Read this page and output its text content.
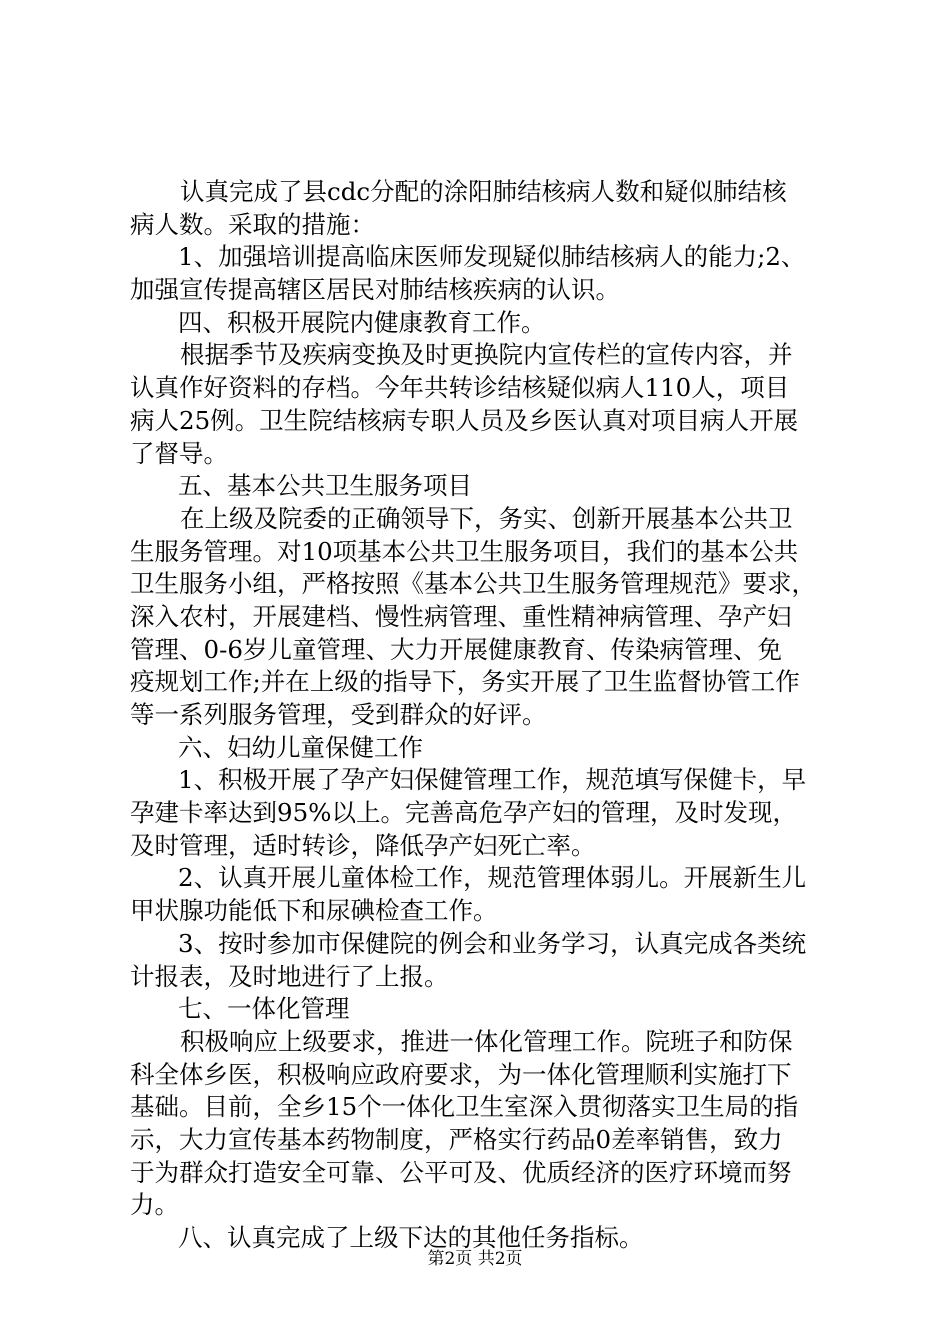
认真完成了县cdc分配的涂阳肺结核病人数和疑似肺结核
病人数。采取的措施：
1、加强培训提高临床医师发现疑似肺结核病人的能力;2、
加强宣传提高辖区居民对肺结核疾病的认识。
四、积极开展院内健康教育工作。
根据季节及疾病变换及时更换院内宣传栏的宣传内容，并
认真作好资料的存档。今年共转诊结核疑似病人110人，项目
病人25例。卫生院结核病专职人员及乡医认真对项目病人开展
了督导。
五、基本公共卫生服务项目
在上级及院委的正确领导下，务实、创新开展基本公共卫
生服务管理。对10项基本公共卫生服务项目，我们的基本公共
卫生服务小组，严格按照《基本公共卫生服务管理规范》要求，
深入农村，开展建档、慢性病管理、重性精神病管理、孕产妇
管理、0-6岁儿童管理、大力开展健康教育、传染病管理、免
疫规划工作;并在上级的指导下，务实开展了卫生监督协管工作
等一系列服务管理，受到群众的好评。
六、妇幼儿童保健工作
1、积极开展了孕产妇保健管理工作，规范填写保健卡，早
孕建卡率达到95%以上。完善高危孕产妇的管理，及时发现，
及时管理，适时转诊，降低孕产妇死亡率。
2、认真开展儿童体检工作，规范管理体弱儿。开展新生儿
甲状腺功能低下和尿碘检查工作。
3、按时参加市保健院的例会和业务学习，认真完成各类统
计报表，及时地进行了上报。
七、一体化管理
积极响应上级要求，推进一体化管理工作。院班子和防保
科全体乡医，积极响应政府要求，为一体化管理顺利实施打下
基础。目前，全乡15个一体化卫生室深入贯彻落实卫生局的指
示，大力宣传基本药物制度，严格实行药品0差率销售，致力
于为群众打造安全可靠、公平可及、优质经济的医疗环境而努
力。
八、认真完成了上级下达的其他任务指标。
第2页 共2页
